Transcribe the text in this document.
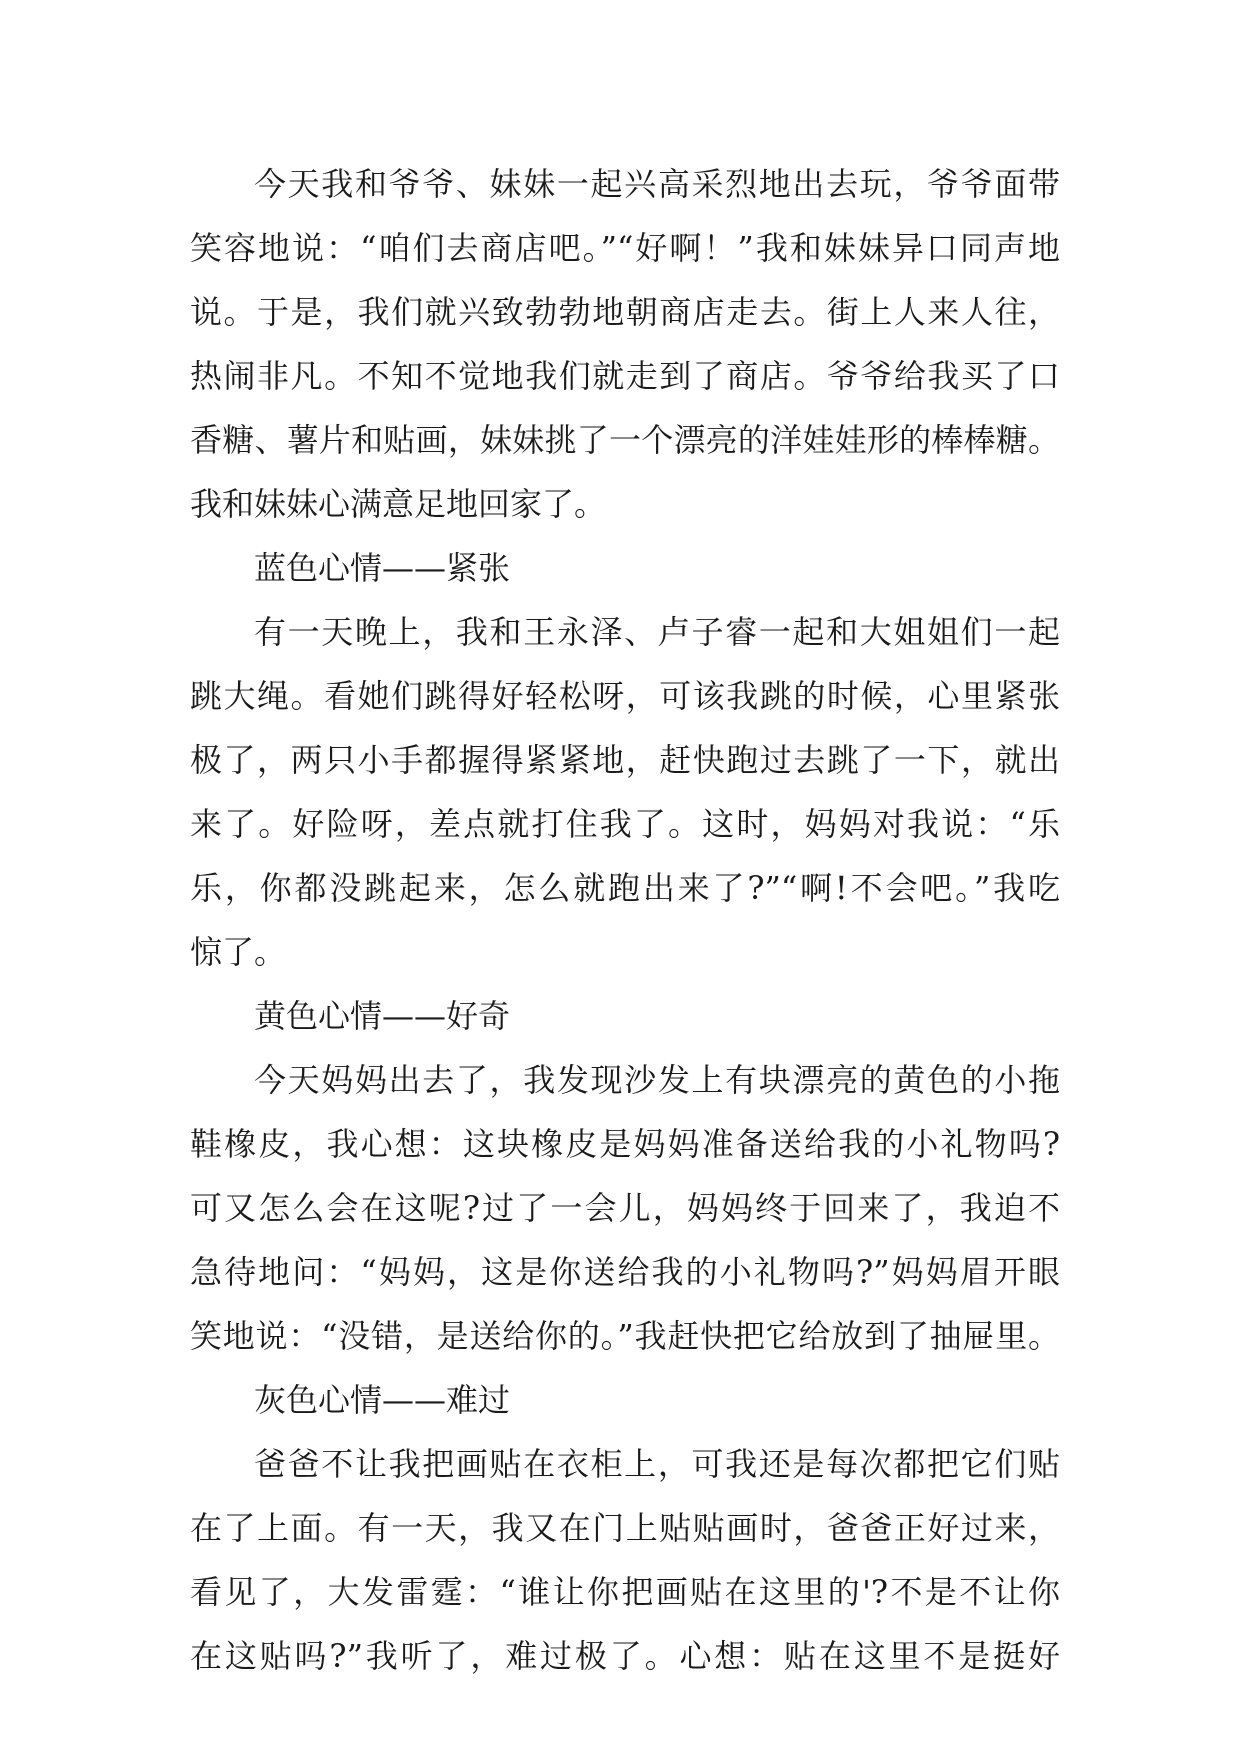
今天我和爷爷、妹妹一起兴高采烈地出去玩，爷爷面带
笑容地说：“咱们去商店吧。”“好啊！”我和妹妹异口同声地
说。于是，我们就兴致勃勃地朝商店走去。街上人来人往，
热闹非凡。不知不觉地我们就走到了商店。爷爷给我买了口
香糖、薯片和贴画，妹妹挑了一个漂亮的洋娃娃形的棒棒糖。
我和妹妹心满意足地回家了。
蓝色心情——紧张
有一天晚上，我和王永泽、卢子睿一起和大姐姐们一起
跳大绳。看她们跳得好轻松呀，可该我跳的时候，心里紧张
极了，两只小手都握得紧紧地，赶快跑过去跳了一下，就出
来了。好险呀，差点就打住我了。这时，妈妈对我说：“乐
乐，你都没跳起来，怎么就跑出来了?”“啊!不会吧。”我吃
惊了。
黄色心情——好奇
今天妈妈出去了，我发现沙发上有块漂亮的黄色的小拖
鞋橡皮，我心想：这块橡皮是妈妈准备送给我的小礼物吗?
可又怎么会在这呢?过了一会儿，妈妈终于回来了，我迫不
急待地问：“妈妈，这是你送给我的小礼物吗?”妈妈眉开眼
笑地说：“没错，是送给你的。”我赶快把它给放到了抽屉里。
灰色心情——难过
爸爸不让我把画贴在衣柜上，可我还是每次都把它们贴
在了上面。有一天，我又在门上贴贴画时，爸爸正好过来，
看见了，大发雷霆：“谁让你把画贴在这里的'?不是不让你
在这贴吗?”我听了，难过极了。心想：贴在这里不是挺好
